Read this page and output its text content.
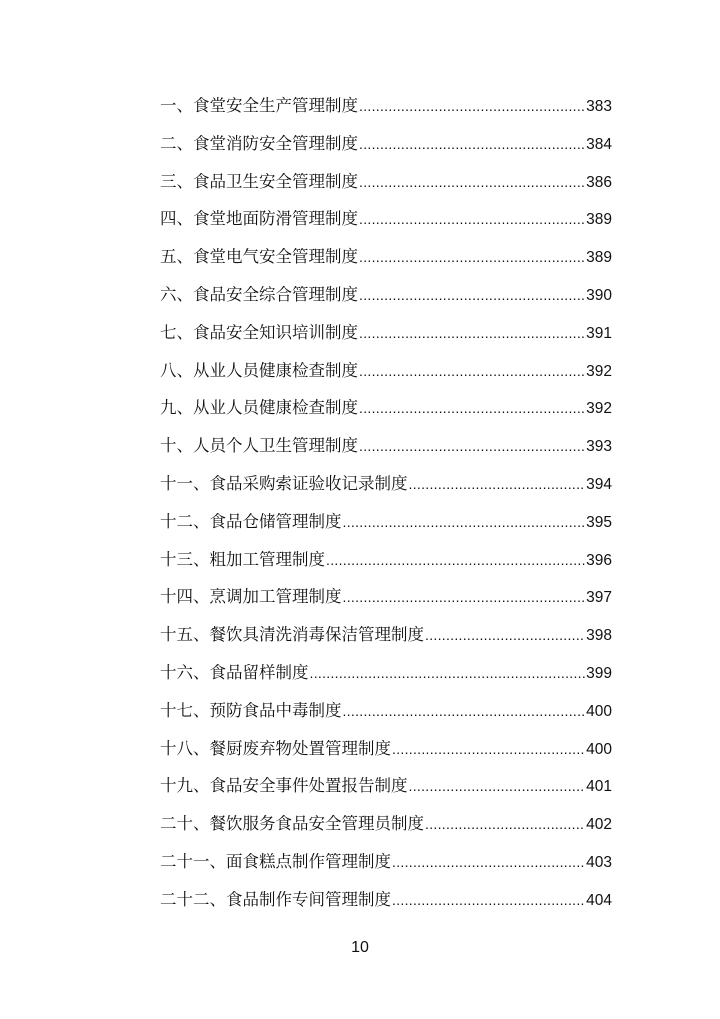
一、食堂安全生产管理制度 .....	383
二、食堂消防安全管理制度 .....	384
三、食品卫生安全管理制度 .....	386
四、食堂地面防滑管理制度 .....	389
五、食堂电气安全管理制度 .....	389
六、食品安全综合管理制度 .....	390
七、食品安全知识培训制度 .....	391
八、从业人员健康检查制度 .....	392
九、从业人员健康检查制度 .....	392
十、人员个人卫生管理制度 .....	393
十一、食品采购索证验收记录制度 .....	394
十二、食品仓储管理制度 .....	395
十三、粗加工管理制度 .....	396
十四、烹调加工管理制度 .....	397
十五、餐饮具清洗消毒保洁管理制度 .....	398
十六、食品留样制度 .....	399
十七、预防食品中毒制度 .....	400
十八、餐厨废弃物处置管理制度 .....	400
十九、食品安全事件处置报告制度 .....	401
二十、餐饮服务食品安全管理员制度 .....	402
二十一、面食糕点制作管理制度 .....	403
二十二、食品制作专间管理制度 .....	404
10
